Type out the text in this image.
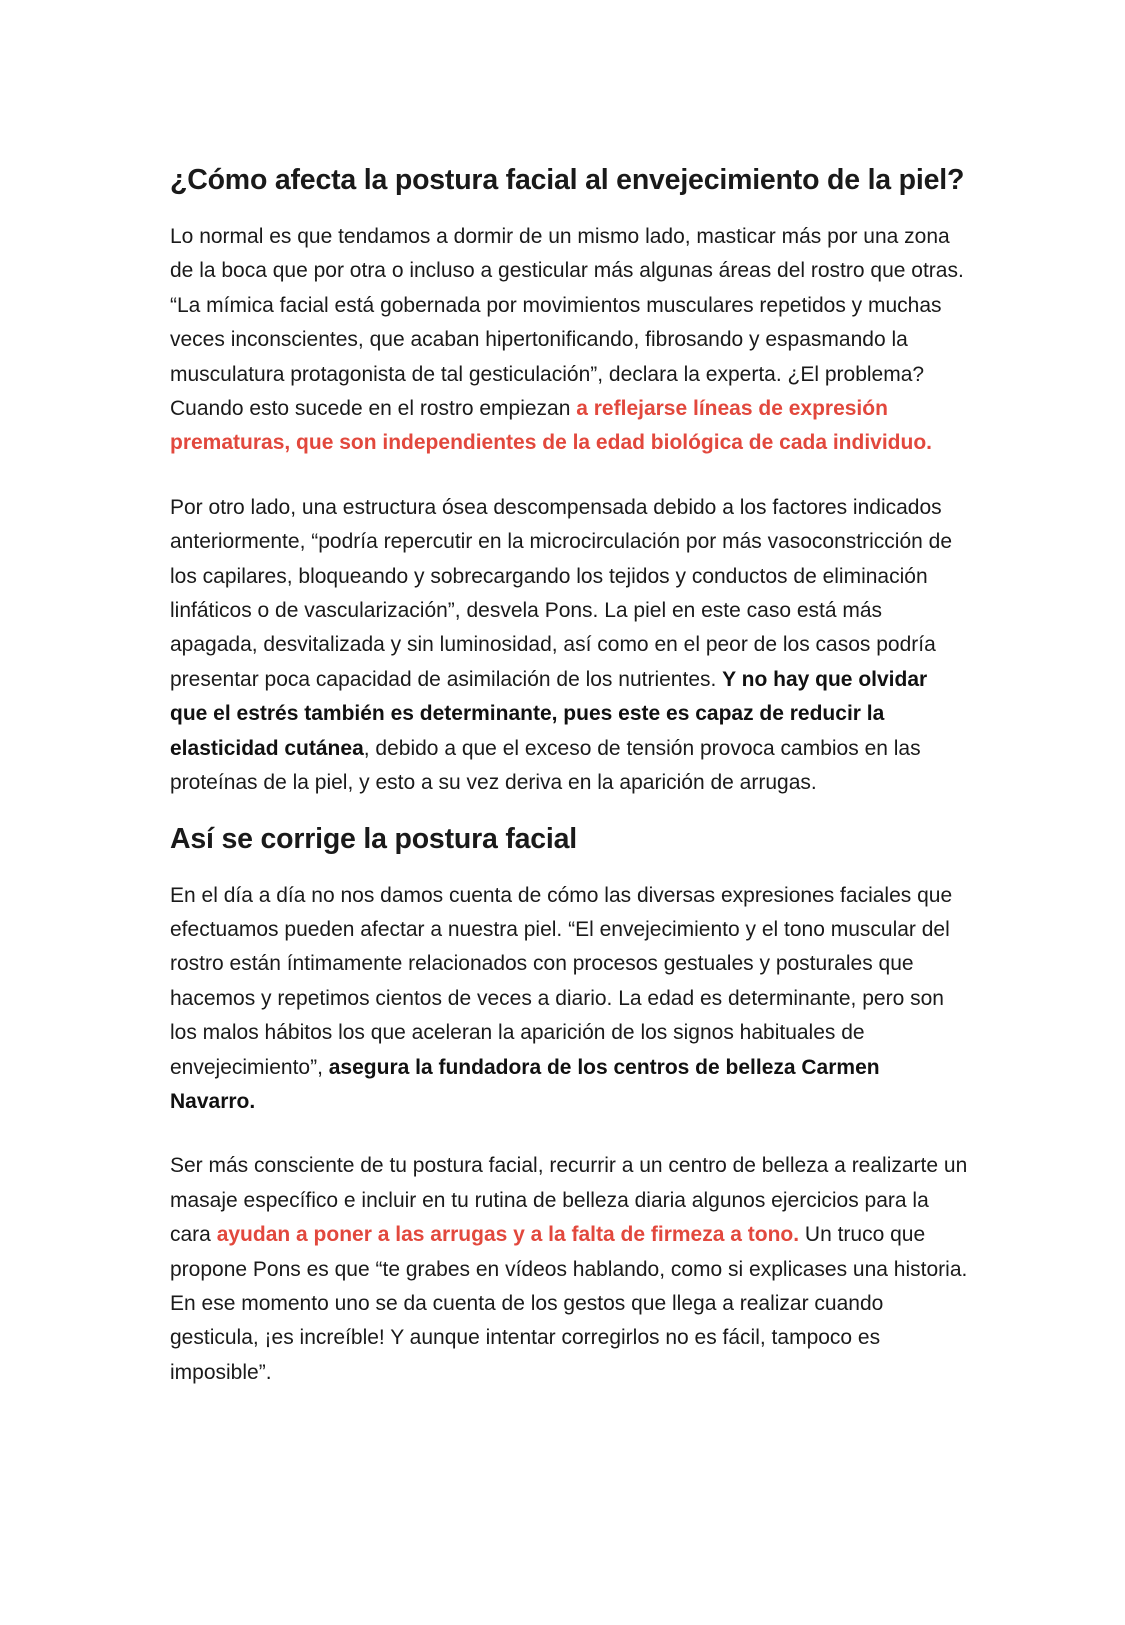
¿Cómo afecta la postura facial al envejecimiento de la piel?

Lo normal es que tendamos a dormir de un mismo lado, masticar más por una zona de la boca que por otra o incluso a gesticular más algunas áreas del rostro que otras. “La mímica facial está gobernada por movimientos musculares repetidos y muchas veces inconscientes, que acaban hipertonificando, fibrosando y espasmando la musculatura protagonista de tal gesticulación”, declara la experta. ¿El problema? Cuando esto sucede en el rostro empiezan a reflejarse líneas de expresión prematuras, que son independientes de la edad biológica de cada individuo.

Por otro lado, una estructura ósea descompensada debido a los factores indicados anteriormente, “podría repercutir en la microcirculación por más vasoconstricción de los capilares, bloqueando y sobrecargando los tejidos y conductos de eliminación linfáticos o de vascularización”, desvela Pons. La piel en este caso está más apagada, desvitalizada y sin luminosidad, así como en el peor de los casos podría presentar poca capacidad de asimilación de los nutrientes. Y no hay que olvidar que el estrés también es determinante, pues este es capaz de reducir la elasticidad cutánea, debido a que el exceso de tensión provoca cambios en las proteínas de la piel, y esto a su vez deriva en la aparición de arrugas.

Así se corrige la postura facial

En el día a día no nos damos cuenta de cómo las diversas expresiones faciales que efectuamos pueden afectar a nuestra piel. “El envejecimiento y el tono muscular del rostro están íntimamente relacionados con procesos gestuales y posturales que hacemos y repetimos cientos de veces a diario. La edad es determinante, pero son los malos hábitos los que aceleran la aparición de los signos habituales de envejecimiento”, asegura la fundadora de los centros de belleza Carmen Navarro.

Ser más consciente de tu postura facial, recurrir a un centro de belleza a realizarte un masaje específico e incluir en tu rutina de belleza diaria algunos ejercicios para la cara ayudan a poner a las arrugas y a la falta de firmeza a tono. Un truco que propone Pons es que “te grabes en vídeos hablando, como si explicases una historia. En ese momento uno se da cuenta de los gestos que llega a realizar cuando gesticula, ¡es increíble! Y aunque intentar corregirlos no es fácil, tampoco es imposible”.
